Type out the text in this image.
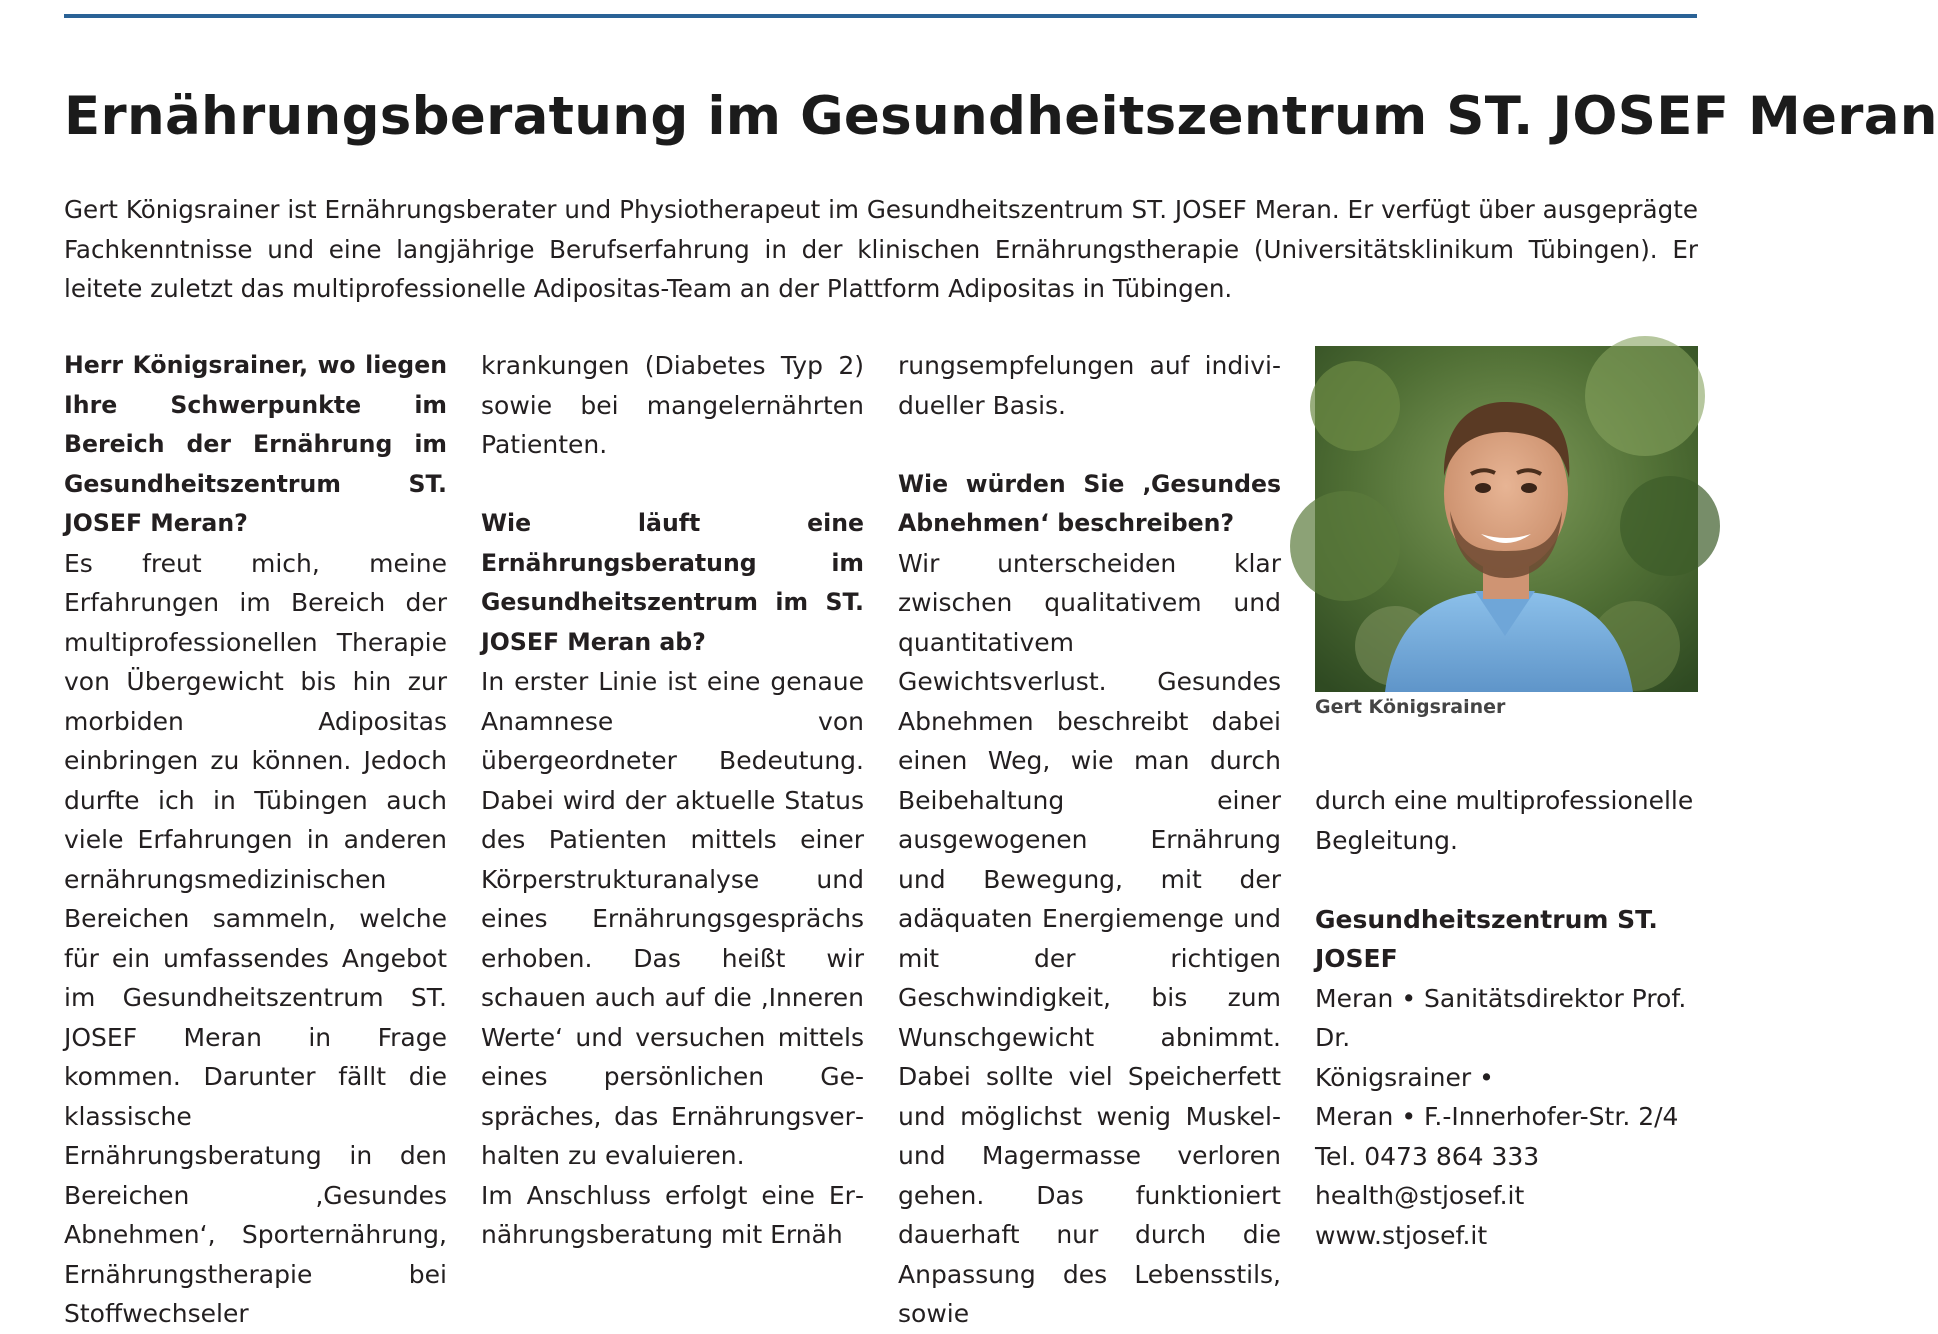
Ernährungsberatung im Gesundheitszentrum ST. JOSEF Meran

Gert Königsrainer ist Ernährungsberater und Physiotherapeut im Gesundheitszentrum ST. JOSEF Meran. Er verfügt über ausgeprägte Fachkenntnisse und eine langjährige Berufserfahrung in der klinischen Ernährungstherapie (Universitätsklinikum Tübingen). Er leitete zuletzt das multiprofessionelle Adipositas-Team an der Plattform Adipositas in Tübingen.

Herr Königsrainer, wo liegen Ihre Schwerpunkte im Bereich der Ernährung im Gesundheitszentrum ST. JOSEF Meran?

Es freut mich, meine Erfahrungen im Bereich der multiprofessionellen Therapie von Übergewicht bis hin zur morbiden Adipositas einbringen zu können. Jedoch durfte ich in Tübingen auch viele Erfahrungen in anderen ernährungsmedizinischen Bereichen sammeln, welche für ein umfassendes Angebot im Gesundheitszentrum ST. JOSEF Meran in Frage kommen. Darunter fällt die klassische Ernährungsberatung in den Bereichen ‚Gesundes Abnehmen‘, Sporternährung, Ernährungstherapie bei Stoffwechseler

krankungen (Diabetes Typ 2) sowie bei mangelernährten Patienten.

Wie läuft eine Ernährungsberatung im Gesundheitszentrum im ST. JOSEF Meran ab?

In erster Linie ist eine genaue Anamnese von übergeordneter Bedeutung. Dabei wird der aktuelle Status des Patienten mittels einer Körperstrukturanalyse und eines Ernährungsgesprächs erhoben. Das heißt wir schauen auch auf die ‚Inneren Werte‘ und versuchen mittels eines persönlichen Gespräches, das Ernährungsverhalten zu evaluieren.

Im Anschluss erfolgt eine Ernährungsberatung mit Ernäh

rungsempfelungen auf individueller Basis.

Wie würden Sie ‚Gesundes Abnehmen‘ beschreiben?

Wir unterscheiden klar zwischen qualitativem und quantitativem Gewichtsverlust. Gesundes Abnehmen beschreibt dabei einen Weg, wie man durch Beibehaltung einer ausgewogenen Ernährung und Bewegung, mit der adäquaten Energiemenge und mit der richtigen Geschwindigkeit, bis zum Wunschgewicht abnimmt. Dabei sollte viel Speicherfett und möglichst wenig Muskel- und Magermasse verloren gehen. Das funktioniert dauerhaft nur durch die Anpassung des Lebensstils, sowie

Gert Königsrainer

durch eine multiprofessionelle Begleitung.

Gesundheitszentrum ST. JOSEF

Meran • Sanitätsdirektor Prof. Dr.
Königsrainer •
Meran • F.-Innerhofer-Str. 2/4
Tel. 0473 864 333
health@stjosef.it
www.stjosef.it
